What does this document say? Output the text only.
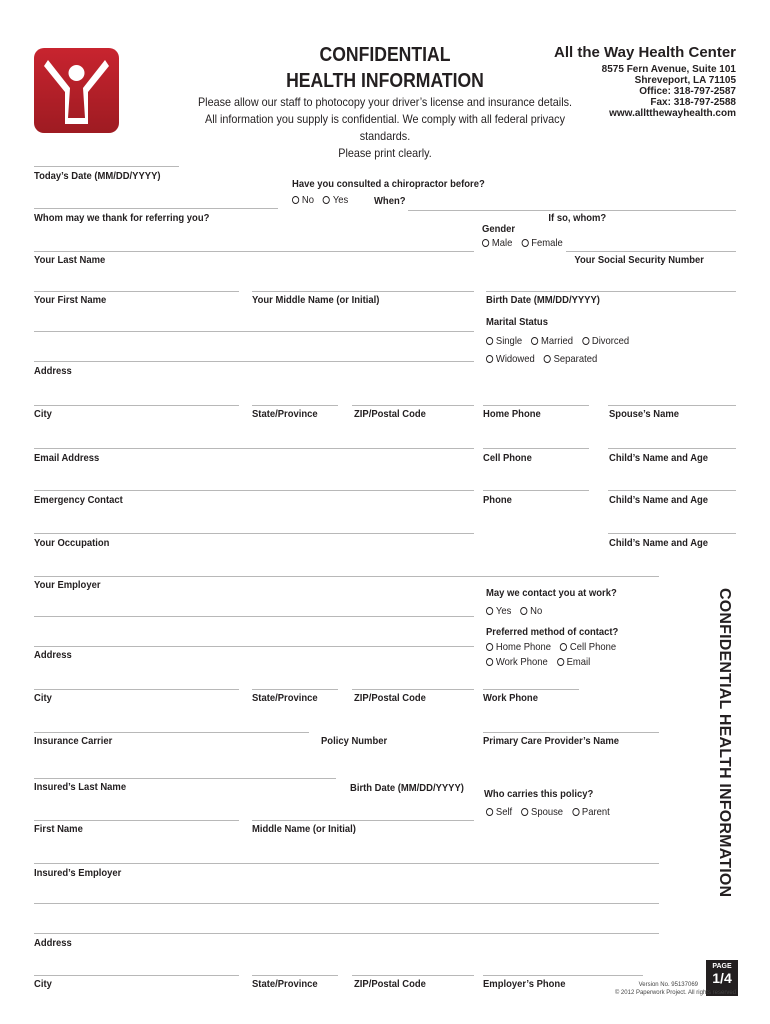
CONFIDENTIAL
HEALTH INFORMATION
Please allow our staff to photocopy your driver’s license and insurance details.
All information you supply is confidential. We comply with all federal privacy standards.
Please print clearly.
All the Way Health Center
8575 Fern Avenue, Suite 101
Shreveport, LA 71105
Office: 318-797-2587
Fax: 318-797-2588
www.alltthewayhealth.com
Today’s Date (MM/DD/YYYY)
Have you consulted a chiropractor before?
No Yes	When?
Whom may we thank for referring you?	If so, whom?
Gender
Male Female
Your Last Name	Your Social Security Number
Your First Name	Your Middle Name (or Initial)	Birth Date (MM/DD/YYYY)
Marital Status
Single Married Divorced
Widowed Separated
Address
City	State/Province	ZIP/Postal Code	Home Phone	Spouse’s Name
Email Address	Cell Phone	Child’s Name and Age
Emergency Contact	Phone	Child’s Name and Age
Your Occupation	Child’s Name and Age
Your Employer
May we contact you at work?
Yes No
Address
Preferred method of contact?
Home Phone Cell Phone
Work Phone Email
City	State/Province	ZIP/Postal Code	Work Phone
Insurance Carrier	Policy Number	Primary Care Provider’s Name
Insured’s Last Name	Birth Date (MM/DD/YYYY) Who carries this policy?
Self Spouse Parent
First Name	Middle Name (or Initial)
Insured’s Employer
Address
City	State/Province	ZIP/Postal Code	Employer’s Phone
CONFIDENTIAL HEALTH INFORMATION
PAGE
1/4
Version No. 95137069
© 2012 Paperwork Project. All rights reserved
